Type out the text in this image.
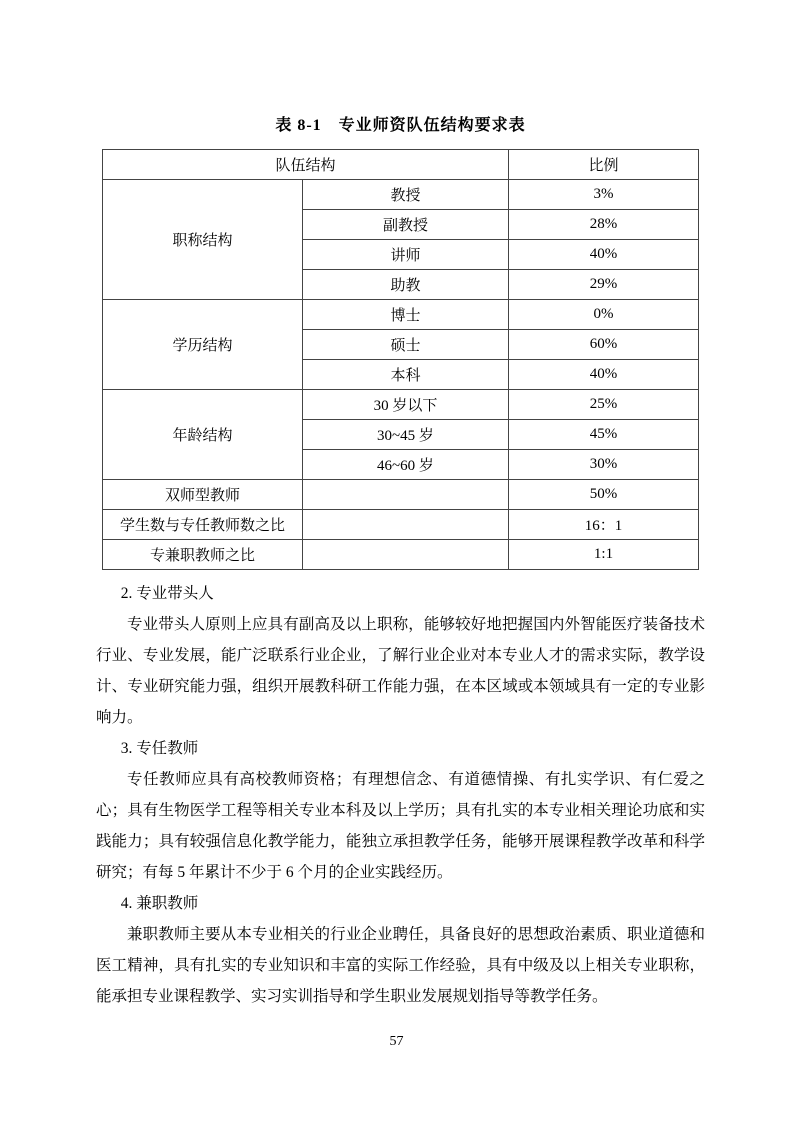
表 8-1　专业师资队伍结构要求表
队伍结构		比例
职称结构	教授	3%
	副教授	28%
	讲师	40%
	助教	29%
学历结构	博士	0%
	硕士	60%
	本科	40%
年龄结构	30 岁以下	25%
	30~45 岁	45%
	46~60 岁	30%
双师型教师		50%
学生数与专任教师数之比		16：1
专兼职教师之比		1:1

2. 专业带头人

专业带头人原则上应具有副高及以上职称，能够较好地把握国内外智能医疗装备技术行业、专业发展，能广泛联系行业企业，了解行业企业对本专业人才的需求实际，教学设计、专业研究能力强，组织开展教科研工作能力强，在本区域或本领域具有一定的专业影响力。

3. 专任教师

专任教师应具有高校教师资格；有理想信念、有道德情操、有扎实学识、有仁爱之心；具有生物医学工程等相关专业本科及以上学历；具有扎实的本专业相关理论功底和实践能力；具有较强信息化教学能力，能独立承担教学任务，能够开展课程教学改革和科学研究；有每 5 年累计不少于 6 个月的企业实践经历。

4. 兼职教师

兼职教师主要从本专业相关的行业企业聘任，具备良好的思想政治素质、职业道德和医工精神，具有扎实的专业知识和丰富的实际工作经验，具有中级及以上相关专业职称，能承担专业课程教学、实习实训指导和学生职业发展规划指导等教学任务。

57
